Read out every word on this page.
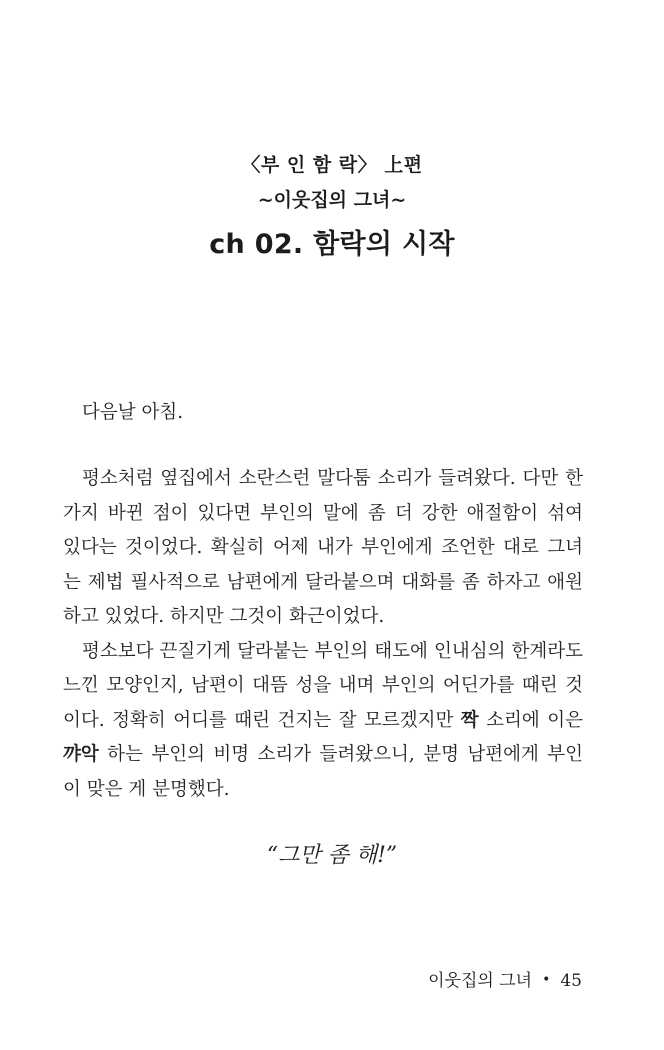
〈부 인 함 락〉 上편
~이웃집의 그녀~
ch 02. 함락의 시작

다음날 아침.

평소처럼 옆집에서 소란스런 말다툼 소리가 들려왔다. 다만 한
가지 바뀐 점이 있다면 부인의 말에 좀 더 강한 애절함이 섞여
있다는 것이었다. 확실히 어제 내가 부인에게 조언한 대로 그녀
는 제법 필사적으로 남편에게 달라붙으며 대화를 좀 하자고 애원
하고 있었다. 하지만 그것이 화근이었다.

평소보다 끈질기게 달라붙는 부인의 태도에 인내심의 한계라도
느낀 모양인지, 남편이 대뜸 성을 내며 부인의 어딘가를 때린 것
이다. 정확히 어디를 때린 건지는 잘 모르겠지만 짝 소리에 이은
꺄악 하는 부인의 비명 소리가 들려왔으니, 분명 남편에게 부인
이 맞은 게 분명했다.

“그만 좀 해!”
이웃집의 그녀 • 45
